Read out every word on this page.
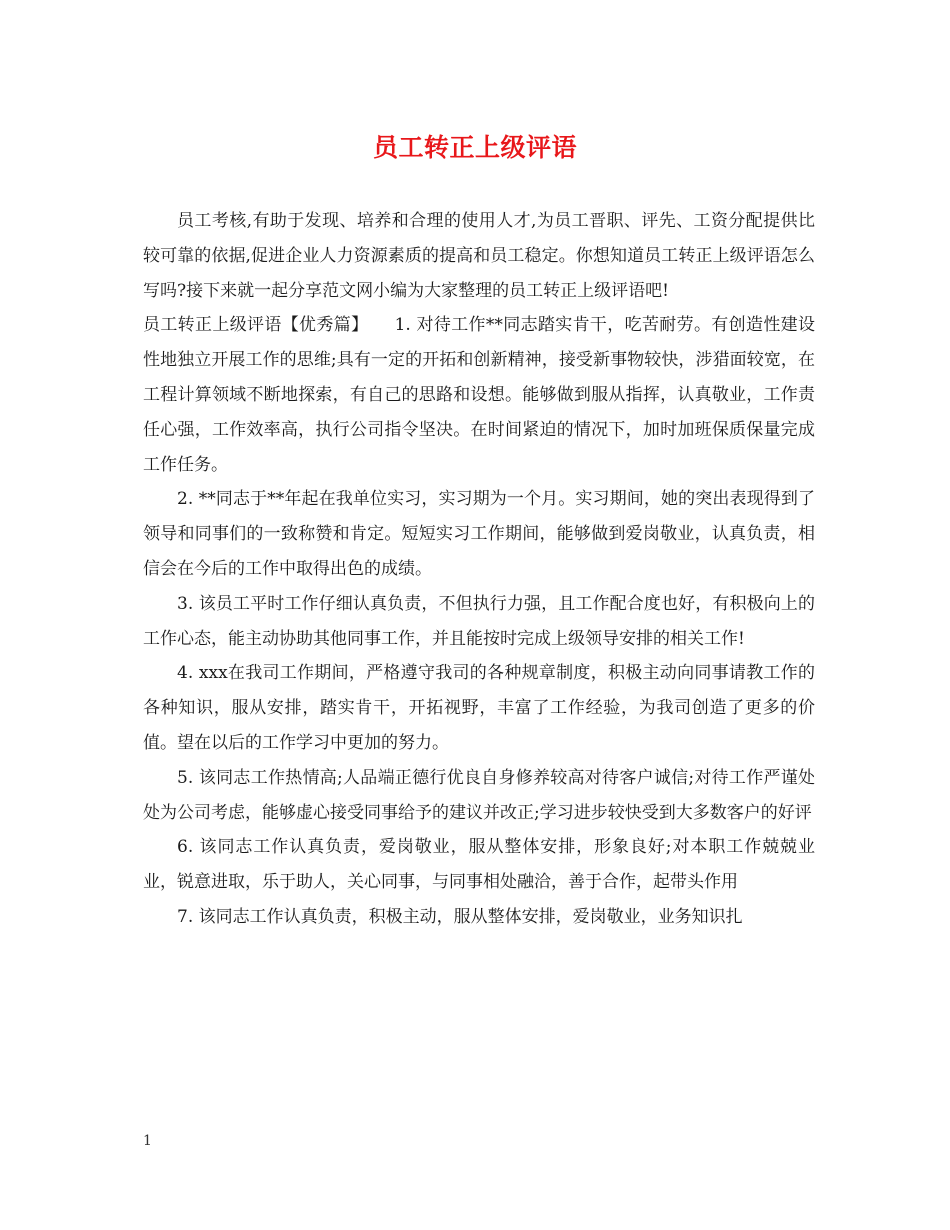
员工转正上级评语

员工考核,有助于发现、培养和合理的使用人才,为员工晋职、评先、工资分配提供比较可靠的依据,促进企业人力资源素质的提高和员工稳定。你想知道员工转正上级评语怎么写吗?接下来就一起分享范文网小编为大家整理的员工转正上级评语吧!

员工转正上级评语【优秀篇】　　1. 对待工作**同志踏实肯干，吃苦耐劳。有创造性建设性地独立开展工作的思维;具有一定的开拓和创新精神，接受新事物较快，涉猎面较宽，在工程计算领域不断地探索，有自己的思路和设想。能够做到服从指挥，认真敬业，工作责任心强，工作效率高，执行公司指令坚决。在时间紧迫的情况下，加时加班保质保量完成工作任务。

2. **同志于**年起在我单位实习，实习期为一个月。实习期间，她的突出表现得到了领导和同事们的一致称赞和肯定。短短实习工作期间，能够做到爱岗敬业，认真负责，相信会在今后的工作中取得出色的成绩。

3. 该员工平时工作仔细认真负责，不但执行力强，且工作配合度也好，有积极向上的工作心态，能主动协助其他同事工作，并且能按时完成上级领导安排的相关工作!

4. xxx在我司工作期间，严格遵守我司的各种规章制度，积极主动向同事请教工作的各种知识，服从安排，踏实肯干，开拓视野，丰富了工作经验，为我司创造了更多的价值。望在以后的工作学习中更加的努力。

5. 该同志工作热情高;人品端正德行优良自身修养较高对待客户诚信;对待工作严谨处处为公司考虑，能够虚心接受同事给予的建议并改正;学习进步较快受到大多数客户的好评

6. 该同志工作认真负责，爱岗敬业，服从整体安排，形象良好;对本职工作兢兢业业，锐意进取，乐于助人，关心同事，与同事相处融洽，善于合作，起带头作用

7. 该同志工作认真负责，积极主动，服从整体安排，爱岗敬业，业务知识扎

1
